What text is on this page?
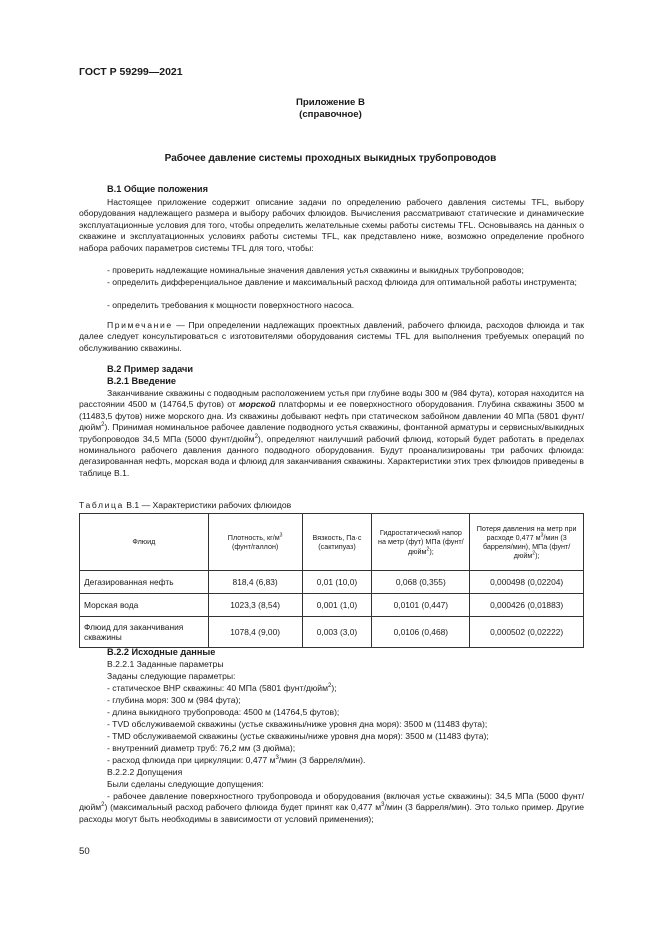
ГОСТ Р 59299—2021
Приложение В
(справочное)
Рабочее давление системы проходных выкидных трубопроводов
В.1 Общие положения
Настоящее приложение содержит описание задачи по определению рабочего давления системы TFL, выбору оборудования надлежащего размера и выбору рабочих флюидов. Вычисления рассматривают статические и динамические эксплуатационные условия для того, чтобы определить желательные схемы работы системы TFL. Основываясь на данных о скважине и эксплуатационных условиях работы системы TFL, как представлено ниже, возможно определение пробного набора рабочих параметров системы TFL для того, чтобы:
- проверить надлежащие номинальные значения давления устья скважины и выкидных трубопроводов;
- определить дифференциальное давление и максимальный расход флюида для оптимальной работы инструмента;
- определить требования к мощности поверхностного насоса.
Примечание — При определении надлежащих проектных давлений, рабочего флюида, расходов флюида и так далее следует консультироваться с изготовителями оборудования системы TFL для выполнения требуемых операций по обслуживанию скважины.
В.2 Пример задачи
В.2.1 Введение
Заканчивание скважины с подводным расположением устья при глубине воды 300 м (984 фута), которая находится на расстоянии 4500 м (14764,5 футов) от морской платформы и ее поверхностного оборудования. Глубина скважины 3500 м (11483,5 футов) ниже морского дна. Из скважины добывают нефть при статическом забойном давлении 40 МПа (5801 фунт/дюйм$^2$). Принимая номинальное рабочее давление подводного устья скважины, фонтанной арматуры и сервисных/выкидных трубопроводов 34,5 МПа (5000 фунт/дюйм$^2$), определяют наилучший рабочий флюид, который будет работать в пределах номинального рабочего давления данного подводного оборудования. Будут проанализированы три рабочих флюида: дегазированная нефть, морская вода и флюид для заканчивания скважины. Характеристики этих трех флюидов приведены в таблице В.1.
Таблица В.1 — Характеристики рабочих флюидов
Флюид	Плотность, $кг/м^3$
(фунт/галлон)	Вязкость, Па·с (сактипуаз)	Гидростатический напор на метр (фут) МПа (фунт/дюйм$^2$);	Потеря давления на метр при расходе 0,477 $м^3$/мин (3 барреля/мин), МПа (фунт/дюйм$^2$);
Дегазированная нефть	818,4 (6,83)	0,01 (10,0)	0,068 (0,355)	0,000498 (0,02204)
Морская вода	1023,3 (8,54)	0,001 (1,0)	0,0101 (0,447)	0,000426 (0,01883)
Флюид для заканчивания скважины	1078,4 (9,00)	0,003 (3,0)	0,0106 (0,468)	0,000502 (0,02222)
В.2.2 Исходные данные
В.2.2.1 Заданные параметры
Заданы следующие параметры:
- статическое ВНР скважины: 40 МПа (5801 фунт/дюйм$^2$);
- глубина моря: 300 м (984 фута);
- длина выкидного трубопровода: 4500 м (14764,5 футов);
- TVD обслуживаемой скважины (устье скважины/ниже уровня дна моря): 3500 м (11483 фута);
- TMD обслуживаемой скважины (устье скважины/ниже уровня дна моря): 3500 м (11483 фута);
- внутренний диаметр труб: 76,2 мм (3 дюйма);
- расход флюида при циркуляции: 0,477 $м^3$/мин (3 барреля/мин).
В.2.2.2 Допущения
Были сделаны следующие допущения:
- рабочее давление поверхностного трубопровода и оборудования (включая устье скважины): 34,5 МПа (5000 фунт/дюйм$^2$) (максимальный расход рабочего флюида будет принят как 0,477 $м^3$/мин (3 барреля/мин). Это только пример. Другие расходы могут быть необходимы в зависимости от условий применения);
50
